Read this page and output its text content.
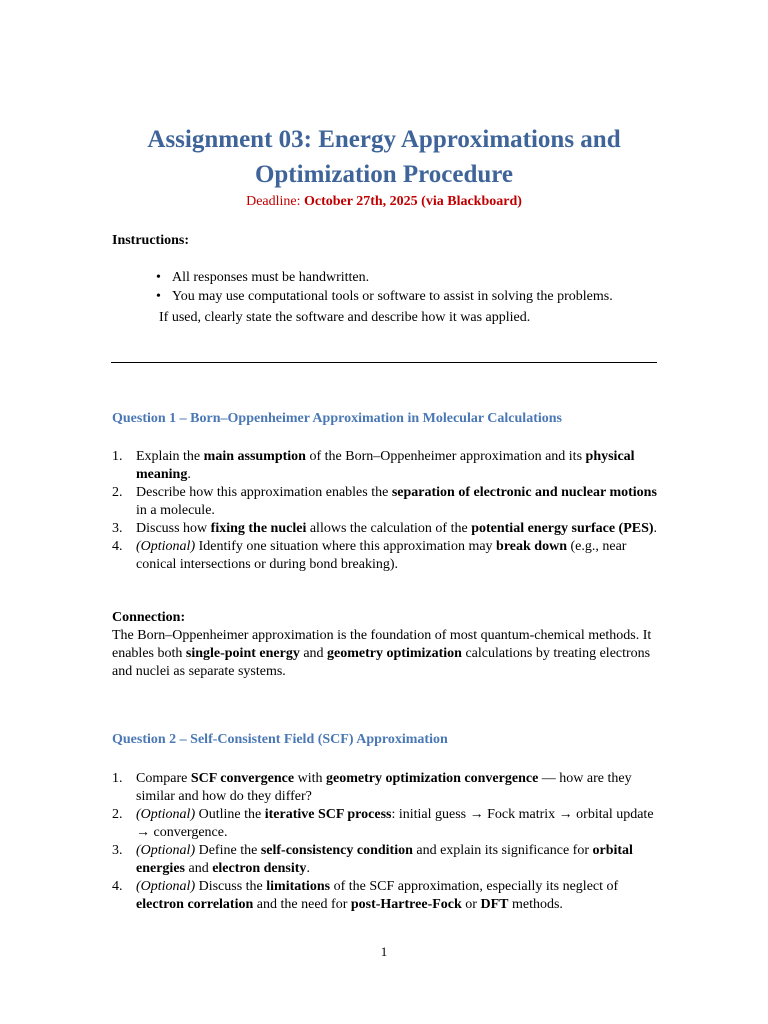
Assignment 03: Energy Approximations and
Optimization Procedure
Deadline: October 27th, 2025 (via Blackboard)
Instructions:
• All responses must be handwritten.
• You may use computational tools or software to assist in solving the problems.
If used, clearly state the software and describe how it was applied.
Question 1 – Born–Oppenheimer Approximation in Molecular Calculations
1. Explain the main assumption of the Born–Oppenheimer approximation and its physical meaning.
2. Describe how this approximation enables the separation of electronic and nuclear motions in a molecule.
3. Discuss how fixing the nuclei allows the calculation of the potential energy surface (PES).
4. (Optional) Identify one situation where this approximation may break down (e.g., near conical intersections or during bond breaking).
Connection:
The Born–Oppenheimer approximation is the foundation of most quantum-chemical methods. It enables both single-point energy and geometry optimization calculations by treating electrons and nuclei as separate systems.
Question 2 – Self-Consistent Field (SCF) Approximation
1. Compare SCF convergence with geometry optimization convergence — how are they similar and how do they differ?
2. (Optional) Outline the iterative SCF process: initial guess → Fock matrix → orbital update → convergence.
3. (Optional) Define the self-consistency condition and explain its significance for orbital energies and electron density.
4. (Optional) Discuss the limitations of the SCF approximation, especially its neglect of electron correlation and the need for post-Hartree-Fock or DFT methods.
1
